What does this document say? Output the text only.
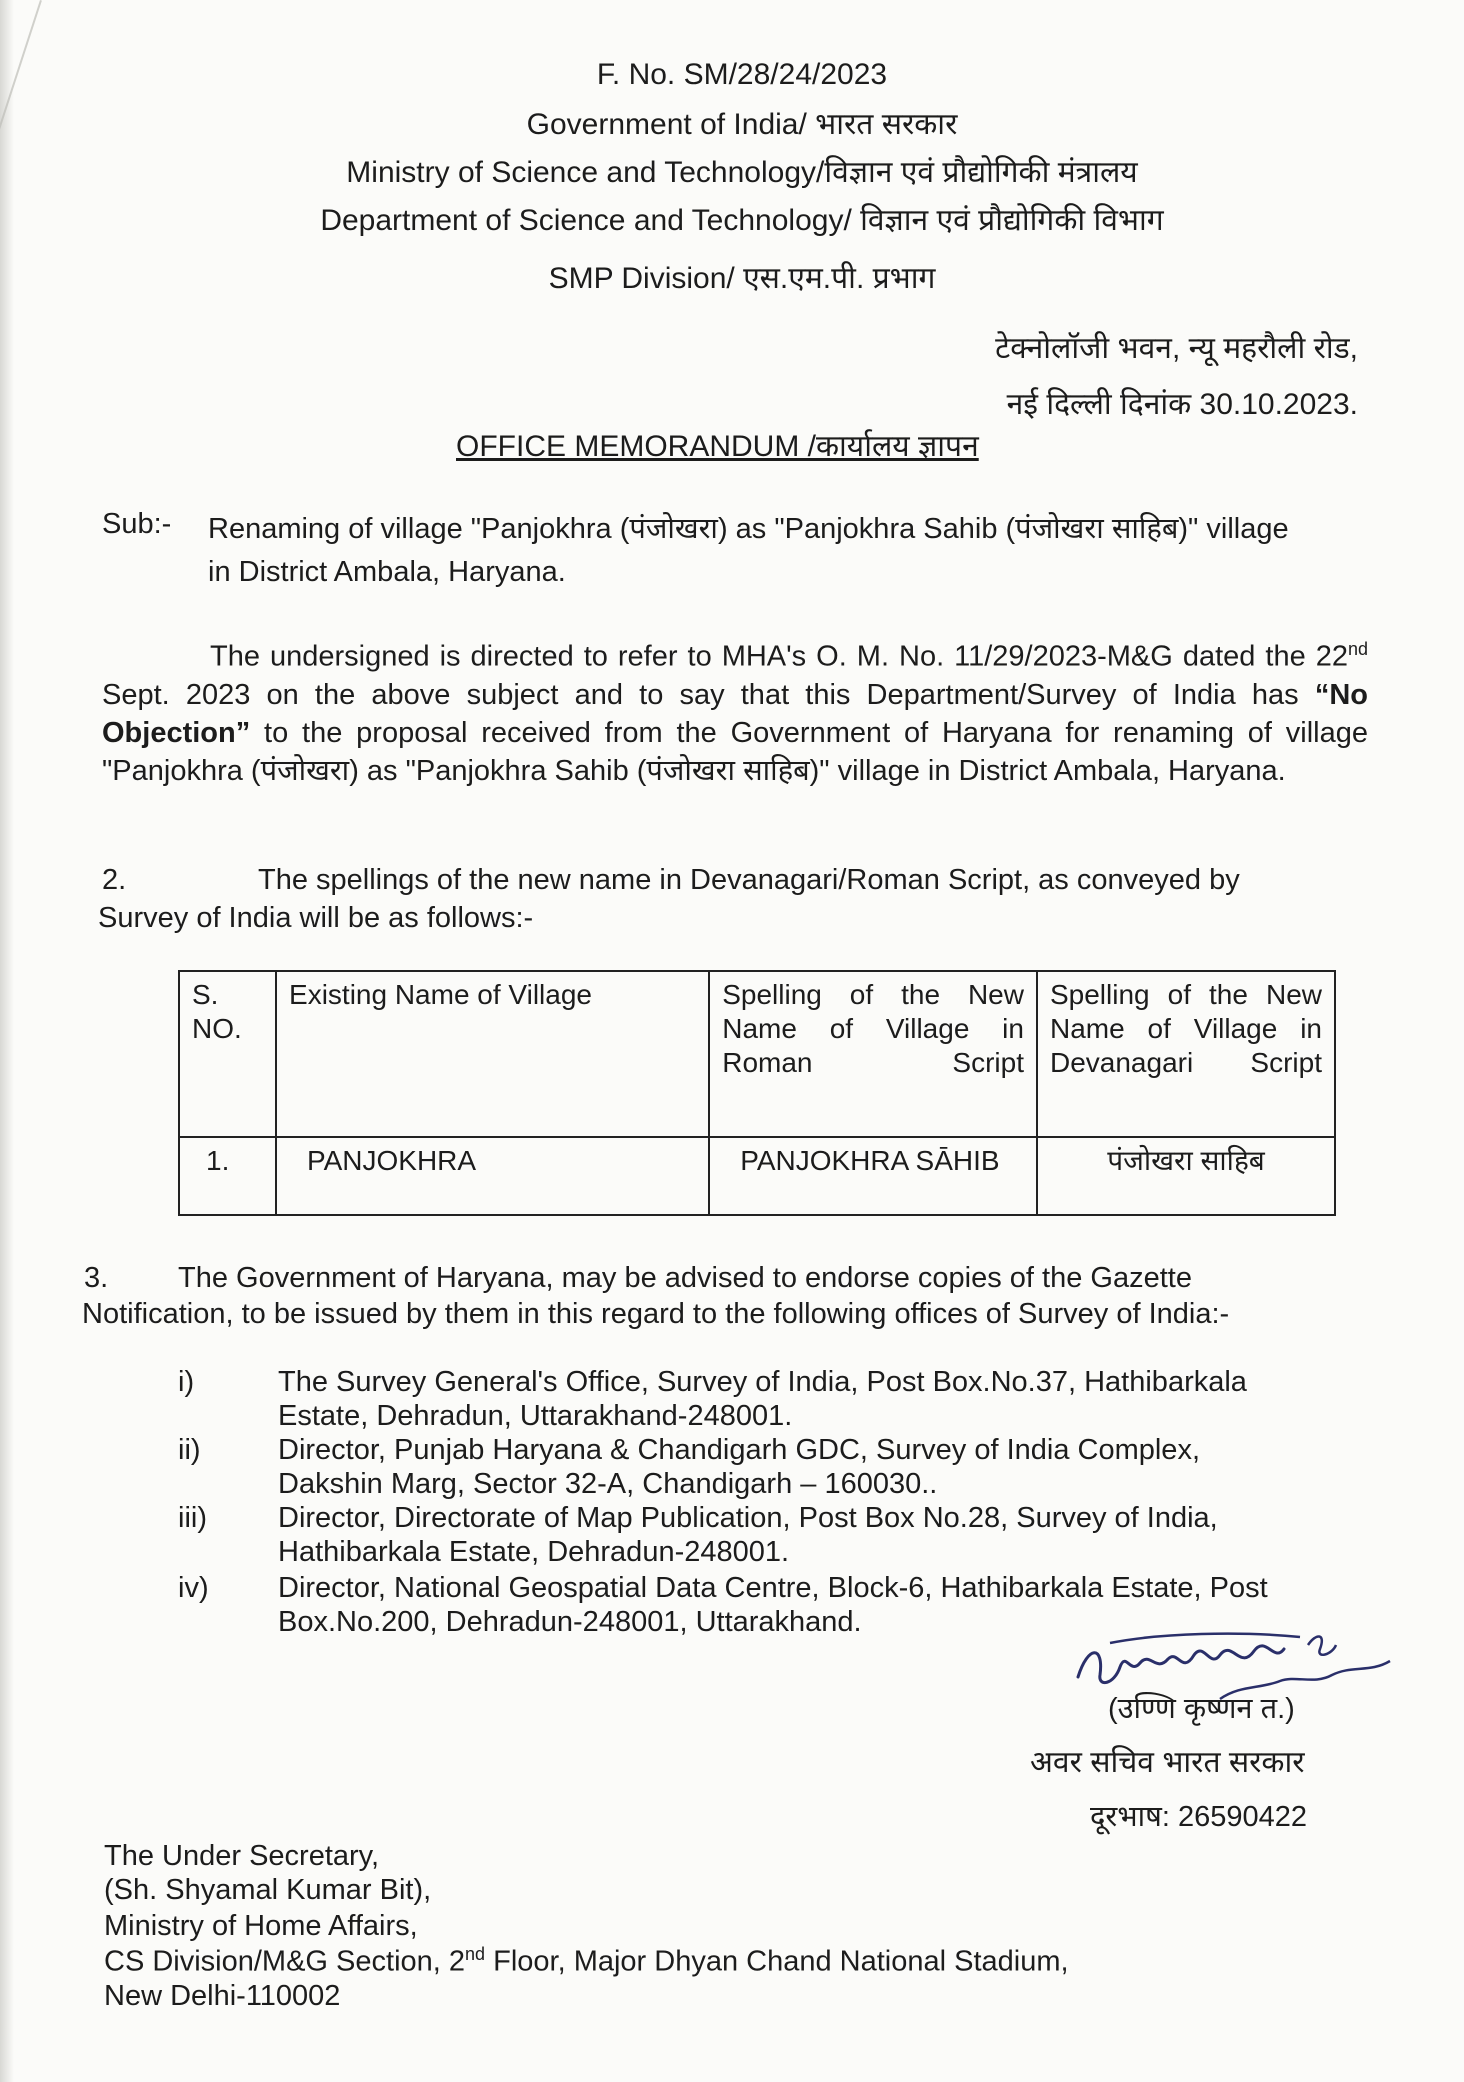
F. No. SM/28/24/2023
Government of India/ भारत सरकार
Ministry of Science and Technology/विज्ञान एवं प्रौद्योगिकी मंत्रालय
Department of Science and Technology/ विज्ञान एवं प्रौद्योगिकी विभाग
SMP Division/ एस.एम.पी. प्रभाग
टेक्नोलॉजी भवन, न्यू महरौली रोड,
नई दिल्ली दिनांक 30.10.2023.
OFFICE MEMORANDUM /कार्यालय ज्ञापन
Sub:- Renaming of village "Panjokhra (पंजोखरा) as "Panjokhra Sahib (पंजोखरा साहिब)" village
in District Ambala, Haryana.
The undersigned is directed to refer to MHA's O. M. No. 11/29/2023-M&G dated the 22nd Sept. 2023 on the above subject and to say that this Department/Survey of India has “No Objection” to the proposal received from the Government of Haryana for renaming of village "Panjokhra (पंजोखरा) as "Panjokhra Sahib (पंजोखरा साहिब)" village in District Ambala, Haryana.
2.	The spellings of the new name in Devanagari/Roman Script, as conveyed by
Survey of India will be as follows:-
S. NO.	Existing Name of Village	Spelling of the New Name of Village in Roman Script	Spelling of the New Name of Village in Devanagari Script
1.	PANJOKHRA	PANJOKHRA SĀHIB	पंजोखरा साहिब
3. The Government of Haryana, may be advised to endorse copies of the Gazette
Notification, to be issued by them in this regard to the following offices of Survey of India:-
i)	The Survey General's Office, Survey of India, Post Box.No.37, Hathibarkala
Estate, Dehradun, Uttarakhand-248001.
ii)	Director, Punjab Haryana & Chandigarh GDC, Survey of India Complex,
Dakshin Marg, Sector 32-A, Chandigarh – 160030..
iii) Director, Directorate of Map Publication, Post Box No.28, Survey of India,
Hathibarkala Estate, Dehradun-248001.
iv) Director, National Geospatial Data Centre, Block-6, Hathibarkala Estate, Post
Box.No.200, Dehradun-248001, Uttarakhand.
(उण्णि कृष्णन त.)
अवर सचिव भारत सरकार
दूरभाष: 26590422
The Under Secretary,
(Sh. Shyamal Kumar Bit),
Ministry of Home Affairs,
CS Division/M&G Section, 2nd Floor, Major Dhyan Chand National Stadium,
New Delhi-110002
